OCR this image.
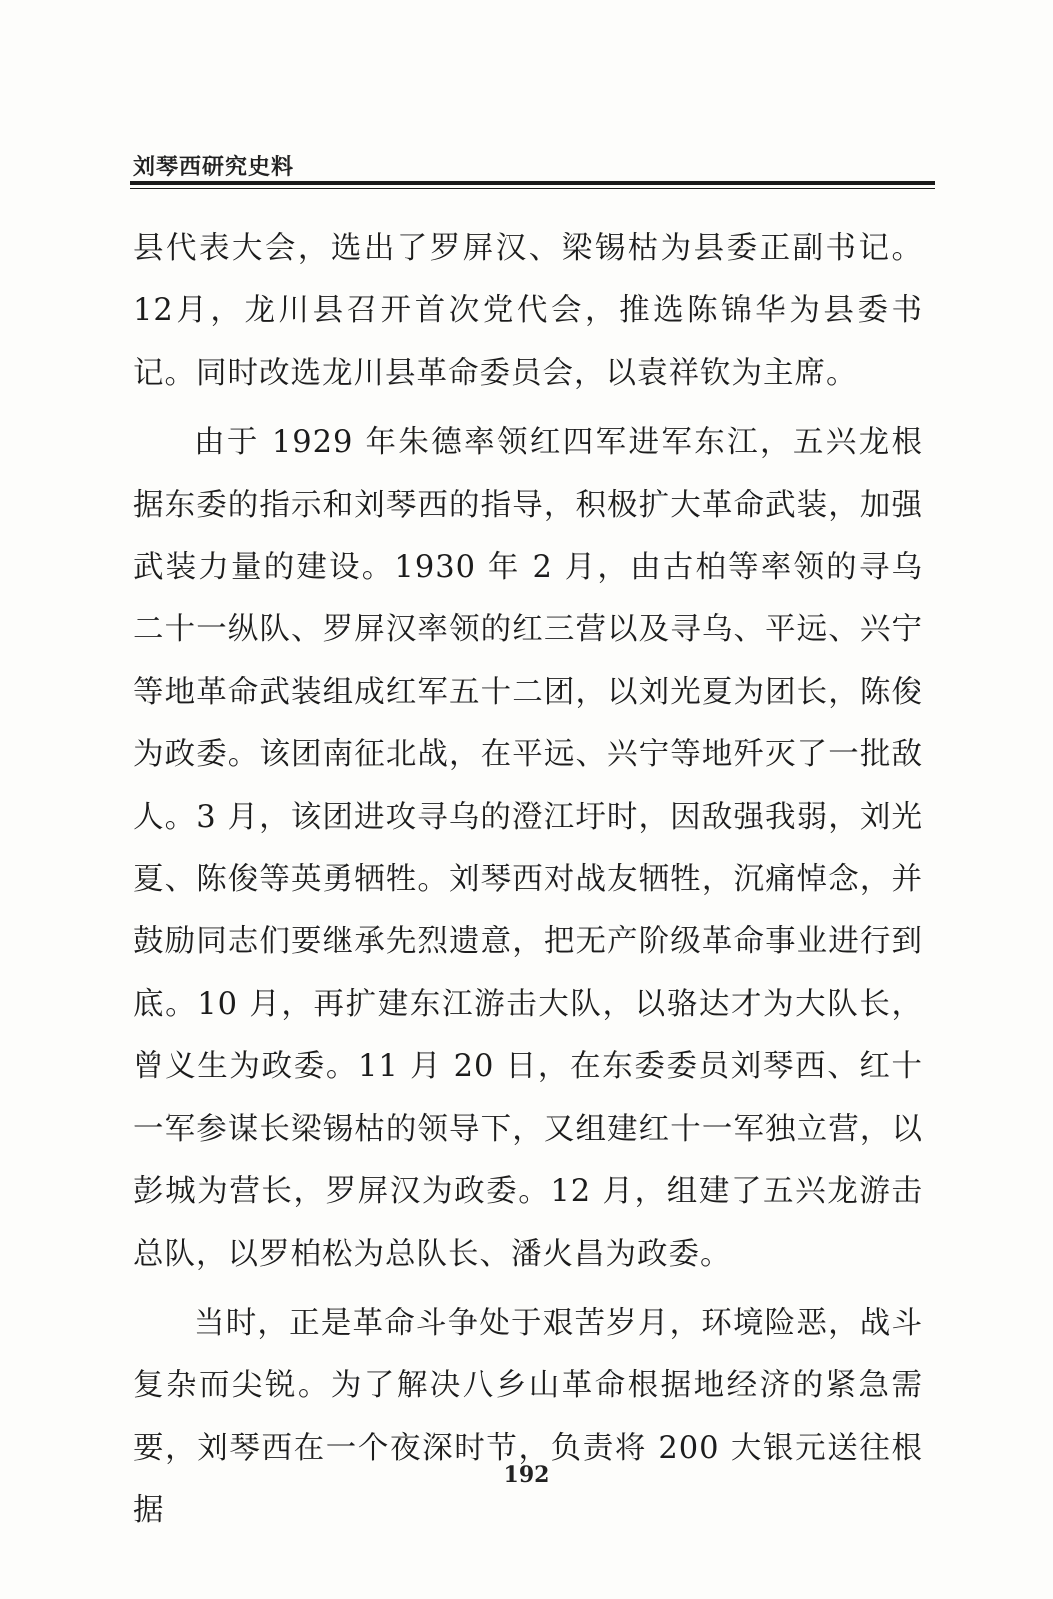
刘琴西研究史料

县代表大会，选出了罗屏汉、梁锡枯为县委正副书记。12月，龙川县召开首次党代会，推选陈锦华为县委书记。同时改选龙川县革命委员会，以袁祥钦为主席。

由于 1929 年朱德率领红四军进军东江，五兴龙根据东委的指示和刘琴西的指导，积极扩大革命武装，加强武装力量的建设。1930 年 2 月，由古柏等率领的寻乌二十一纵队、罗屏汉率领的红三营以及寻乌、平远、兴宁等地革命武装组成红军五十二团，以刘光夏为团长，陈俊为政委。该团南征北战，在平远、兴宁等地歼灭了一批敌人。3 月，该团进攻寻乌的澄江圩时，因敌强我弱，刘光夏、陈俊等英勇牺牲。刘琴西对战友牺牲，沉痛悼念，并鼓励同志们要继承先烈遗意，把无产阶级革命事业进行到底。10 月，再扩建东江游击大队，以骆达才为大队长，曾义生为政委。11 月 20 日，在东委委员刘琴西、红十一军参谋长梁锡枯的领导下，又组建红十一军独立营，以彭城为营长，罗屏汉为政委。12 月，组建了五兴龙游击总队，以罗柏松为总队长、潘火昌为政委。

当时，正是革命斗争处于艰苦岁月，环境险恶，战斗复杂而尖锐。为了解决八乡山革命根据地经济的紧急需要，刘琴西在一个夜深时节，负责将 200 大银元送往根据

192
